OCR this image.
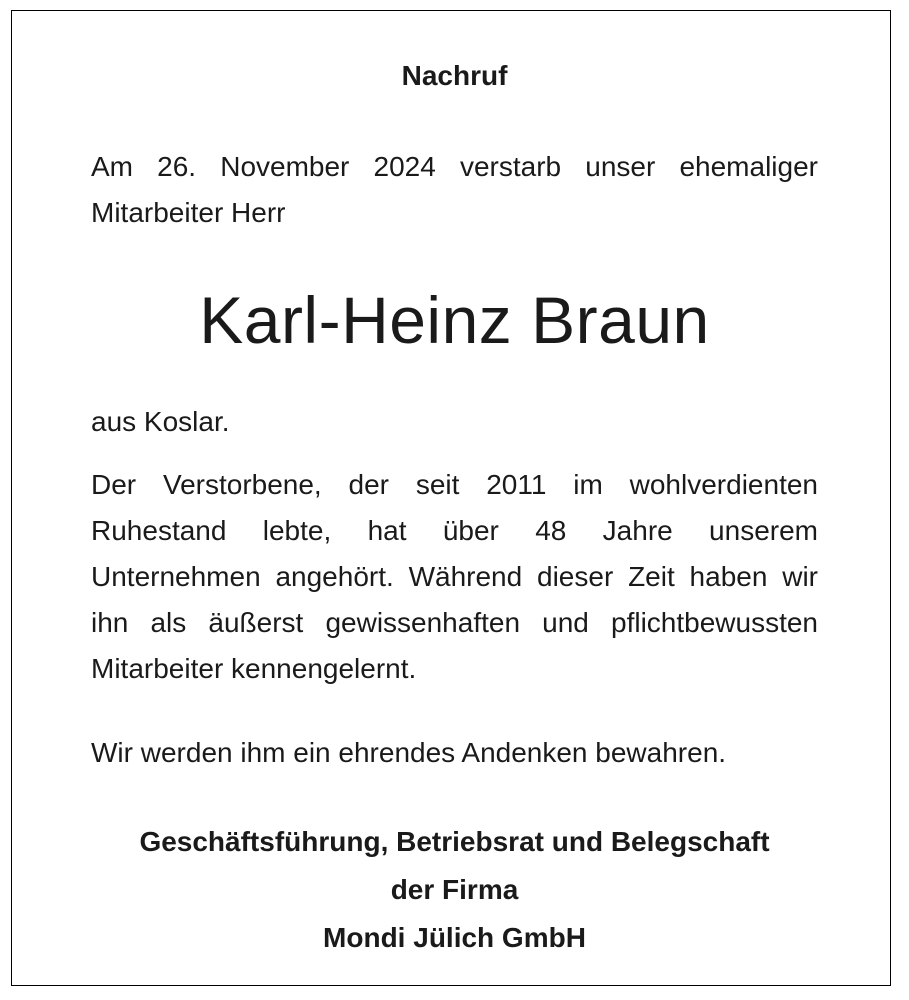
Nachruf

Am 26. November 2024 verstarb unser ehemaliger Mitarbeiter Herr

Karl-Heinz Braun

aus Koslar.

Der Verstorbene, der seit 2011 im wohlverdienten Ruhestand lebte, hat über 48 Jahre unserem Unternehmen angehört. Während dieser Zeit haben wir ihn als äußerst gewissenhaften und pflichtbewussten Mitarbeiter kennengelernt.

Wir werden ihm ein ehrendes Andenken bewahren.

Geschäftsführung, Betriebsrat und Belegschaft
der Firma
Mondi Jülich GmbH
